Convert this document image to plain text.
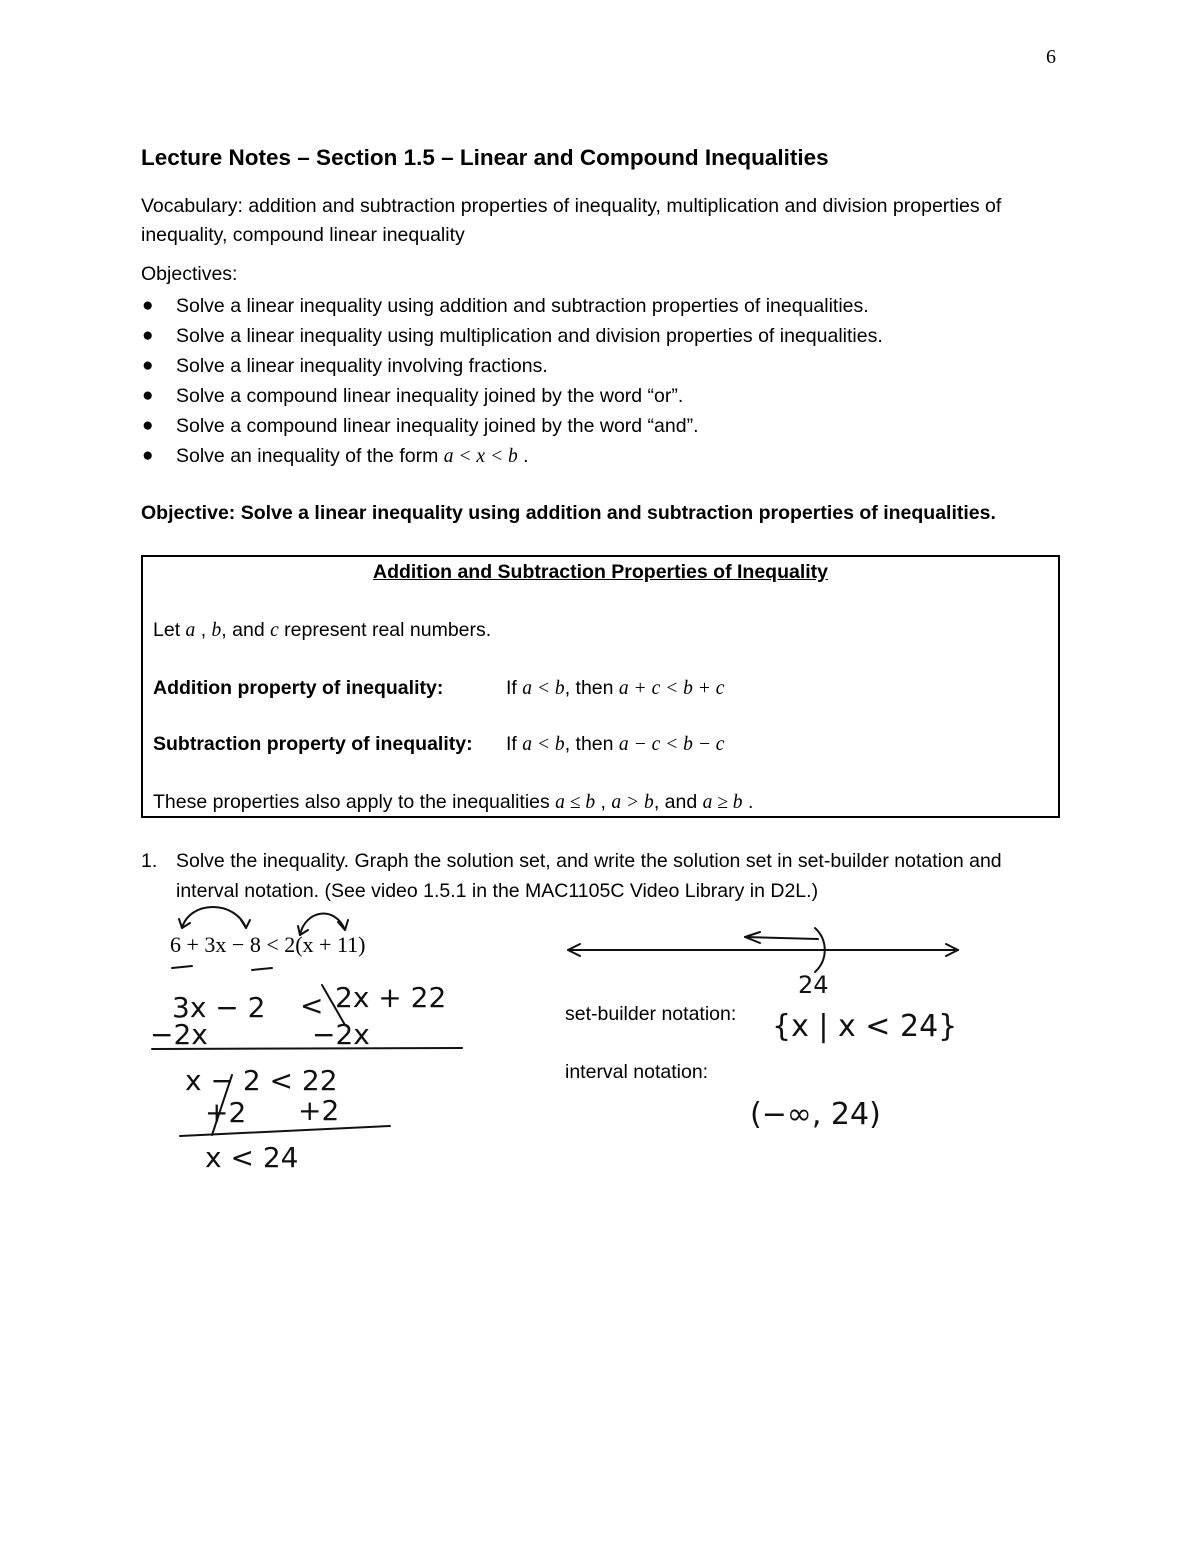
6
Lecture Notes – Section 1.5 – Linear and Compound Inequalities
Vocabulary: addition and subtraction properties of inequality, multiplication and division properties of inequality, compound linear inequality
Objectives:
● Solve a linear inequality using addition and subtraction properties of inequalities.
● Solve a linear inequality using multiplication and division properties of inequalities.
● Solve a linear inequality involving fractions.
● Solve a compound linear inequality joined by the word “or”.
● Solve a compound linear inequality joined by the word “and”.
● Solve an inequality of the form a < x < b .
Objective: Solve a linear inequality using addition and subtraction properties of inequalities.
Addition and Subtraction Properties of Inequality
Let a , b, and c represent real numbers.
Addition property of inequality:	If a < b, then a + c < b + c
Subtraction property of inequality: If a < b, then a − c < b − c
These properties also apply to the inequalities a ≤ b , a > b, and a ≥ b .
1. Solve the inequality. Graph the solution set, and write the solution set in set-builder notation and interval notation. (See video 1.5.1 in the MAC1105C Video Library in D2L.)
6 + 3x − 8 < 2(x + 11)
set-builder notation:
interval notation:
3x − 2 < 2x + 22
−2x	−2x
x − 2 < 22
+2 +2
x < 24
24
{x | x < 24}
(−∞, 24)
